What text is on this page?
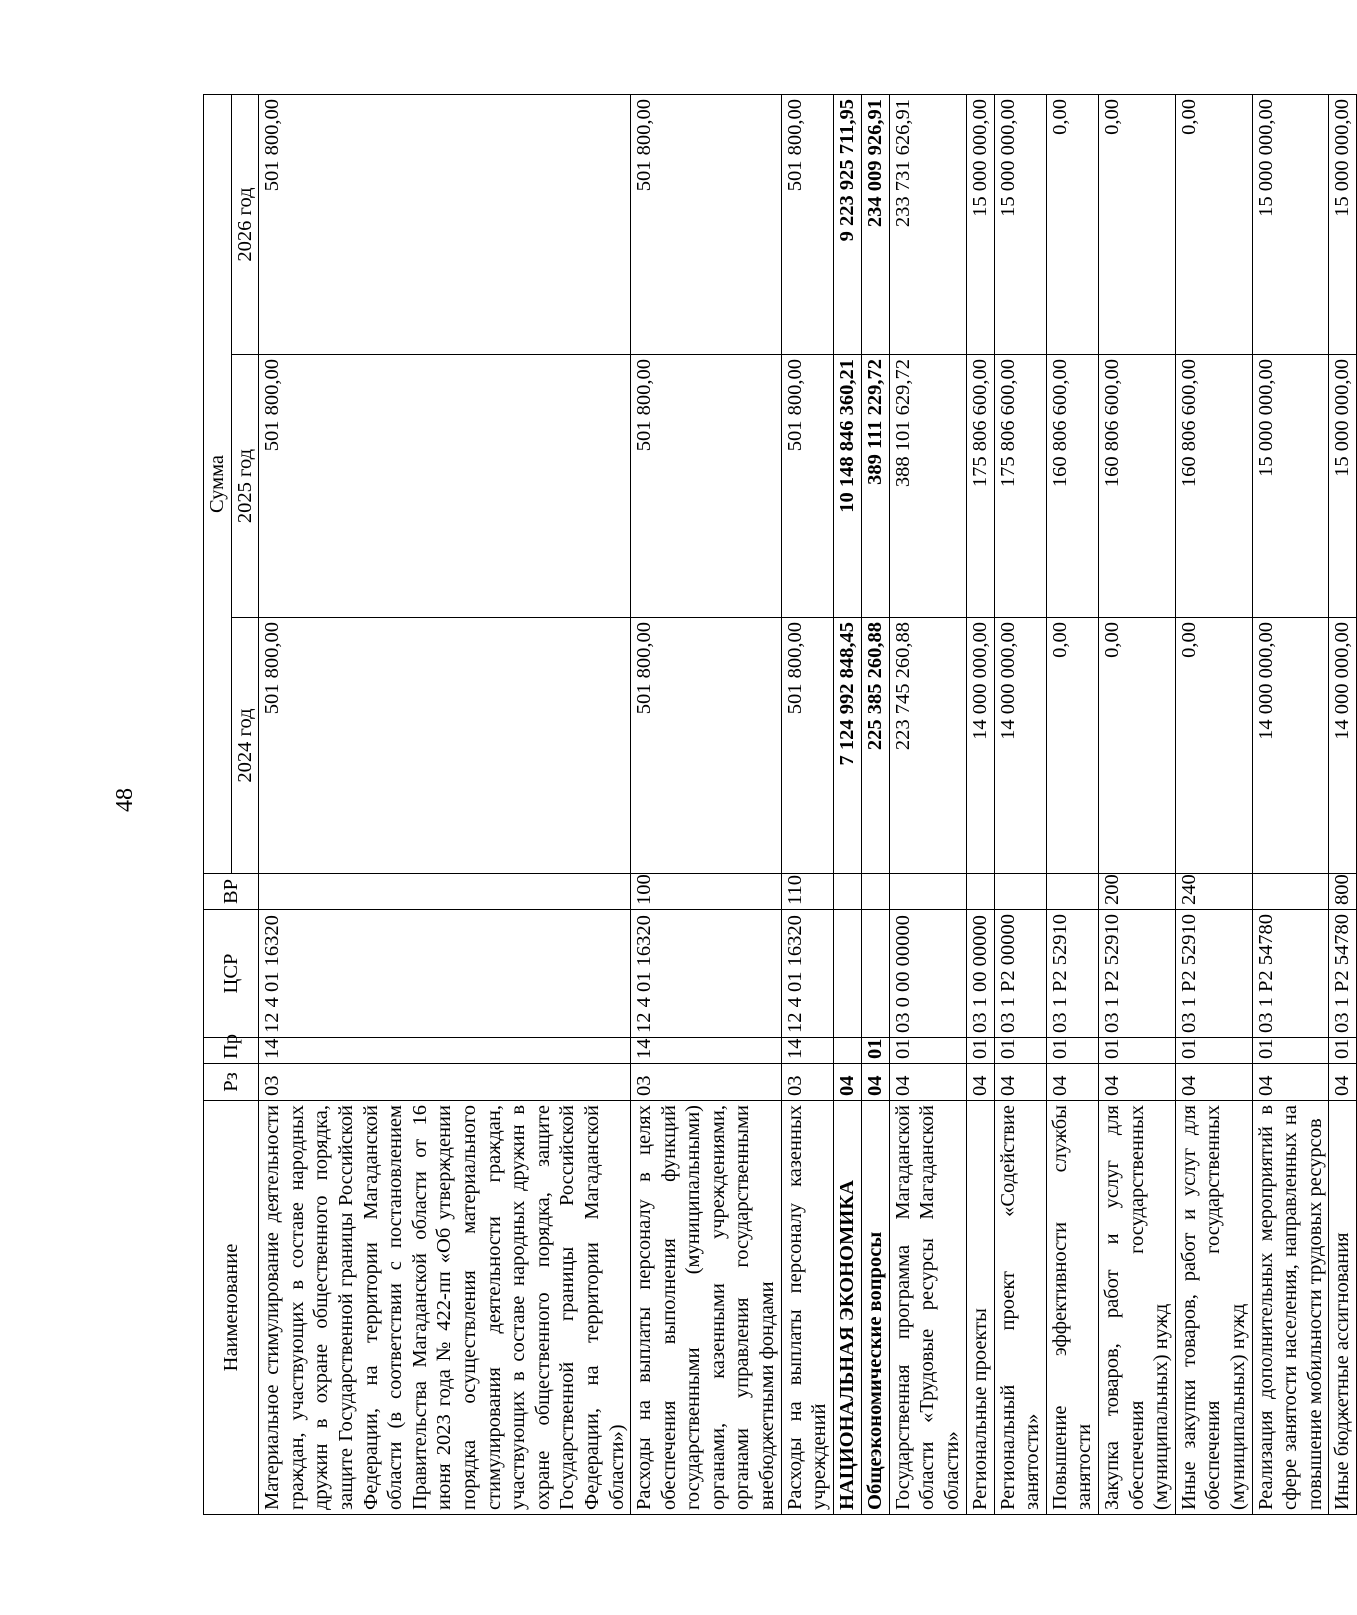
48
Наименование	Рз	Пр	ЦСР	ВР	Сумма		
					2024 год	2025 год	2026 год
Материальное стимулирование деятельности граждан, участвующих в составе народных дружин в охране общественного порядка, защите Государственной границы Российской Федерации, на территории Магаданской области (в соответствии с постановлением Правительства Магаданской области от 16 июня 2023 года № 422-пп «Об утверждении порядка осуществления материального стимулирования деятельности граждан, участвующих в составе народных дружин в охране общественного порядка, защите Государственной границы Российской Федерации, на территории Магаданской области»)	03	14	12 4 01 16320		501 800,00	501 800,00	501 800,00
Расходы на выплаты персоналу в целях обеспечения выполнения функций государственными (муниципальными) органами, казенными учреждениями, органами управления государственными внебюджетными фондами	03	14	12 4 01 16320	100	501 800,00	501 800,00	501 800,00
Расходы на выплаты персоналу казенных учреждений	03	14	12 4 01 16320	110	501 800,00	501 800,00	501 800,00
НАЦИОНАЛЬНАЯ ЭКОНОМИКА	04				7 124 992 848,45	10 148 846 360,21	9 223 925 711,95
Общеэкономические вопросы	04	01			225 385 260,88	389 111 229,72	234 009 926,91
Государственная программа Магаданской области «Трудовые ресурсы Магаданской области»	04	01	03 0 00 00000		223 745 260,88	388 101 629,72	233 731 626,91
Региональные проекты	04	01	03 1 00 00000		14 000 000,00	175 806 600,00	15 000 000,00
Региональный проект «Содействие занятости»	04	01	03 1 Р2 00000		14 000 000,00	175 806 600,00	15 000 000,00
Повышение эффективности службы занятости	04	01	03 1 Р2 52910		0,00	160 806 600,00	0,00
Закупка товаров, работ и услуг для обеспечения государственных (муниципальных) нужд	04	01	03 1 Р2 52910	200	0,00	160 806 600,00	0,00
Иные закупки товаров, работ и услуг для обеспечения государственных (муниципальных) нужд	04	01	03 1 Р2 52910	240	0,00	160 806 600,00	0,00
Реализация дополнительных мероприятий в сфере занятости населения, направленных на повышение мобильности трудовых ресурсов	04	01	03 1 Р2 54780		14 000 000,00	15 000 000,00	15 000 000,00
Иные бюджетные ассигнования	04	01	03 1 Р2 54780	800	14 000 000,00	15 000 000,00	15 000 000,00
